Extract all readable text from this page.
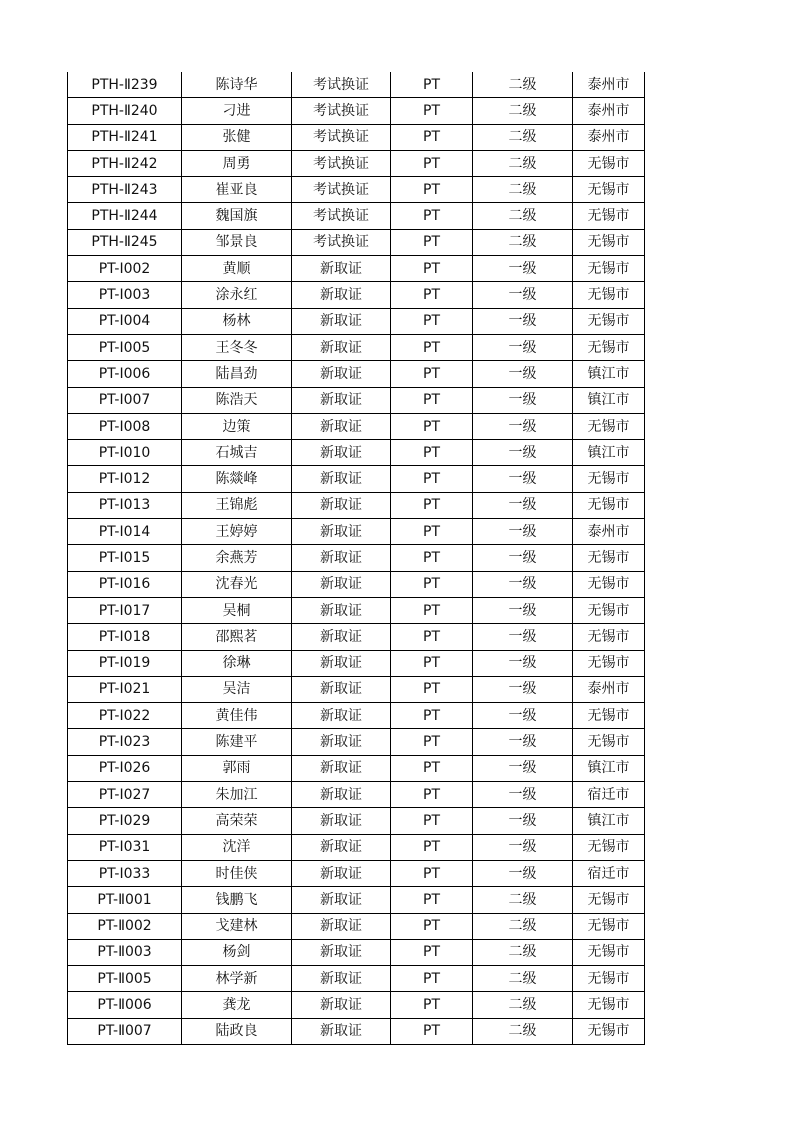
PTH-Ⅱ239	陈诗华	考试换证	PT	二级	泰州市
PTH-Ⅱ240	刁进	考试换证	PT	二级	泰州市
PTH-Ⅱ241	张健	考试换证	PT	二级	泰州市
PTH-Ⅱ242	周勇	考试换证	PT	二级	无锡市
PTH-Ⅱ243	崔亚良	考试换证	PT	二级	无锡市
PTH-Ⅱ244	魏国旗	考试换证	PT	二级	无锡市
PTH-Ⅱ245	邹景良	考试换证	PT	二级	无锡市
PT-Ⅰ002	黄顺	新取证	PT	一级	无锡市
PT-Ⅰ003	涂永红	新取证	PT	一级	无锡市
PT-Ⅰ004	杨林	新取证	PT	一级	无锡市
PT-Ⅰ005	王冬冬	新取证	PT	一级	无锡市
PT-Ⅰ006	陆昌劲	新取证	PT	一级	镇江市
PT-Ⅰ007	陈浩天	新取证	PT	一级	镇江市
PT-Ⅰ008	边策	新取证	PT	一级	无锡市
PT-Ⅰ010	石城吉	新取证	PT	一级	镇江市
PT-Ⅰ012	陈燚峰	新取证	PT	一级	无锡市
PT-Ⅰ013	王锦彪	新取证	PT	一级	无锡市
PT-Ⅰ014	王婷婷	新取证	PT	一级	泰州市
PT-Ⅰ015	余燕芳	新取证	PT	一级	无锡市
PT-Ⅰ016	沈春光	新取证	PT	一级	无锡市
PT-Ⅰ017	吴桐	新取证	PT	一级	无锡市
PT-Ⅰ018	邵熙茗	新取证	PT	一级	无锡市
PT-Ⅰ019	徐琳	新取证	PT	一级	无锡市
PT-Ⅰ021	吴洁	新取证	PT	一级	泰州市
PT-Ⅰ022	黄佳伟	新取证	PT	一级	无锡市
PT-Ⅰ023	陈建平	新取证	PT	一级	无锡市
PT-Ⅰ026	郭雨	新取证	PT	一级	镇江市
PT-Ⅰ027	朱加江	新取证	PT	一级	宿迁市
PT-Ⅰ029	高荣荣	新取证	PT	一级	镇江市
PT-Ⅰ031	沈洋	新取证	PT	一级	无锡市
PT-Ⅰ033	时佳侠	新取证	PT	一级	宿迁市
PT-Ⅱ001	钱鹏飞	新取证	PT	二级	无锡市
PT-Ⅱ002	戈建林	新取证	PT	二级	无锡市
PT-Ⅱ003	杨剑	新取证	PT	二级	无锡市
PT-Ⅱ005	林学新	新取证	PT	二级	无锡市
PT-Ⅱ006	龚龙	新取证	PT	二级	无锡市
PT-Ⅱ007	陆政良	新取证	PT	二级	无锡市
